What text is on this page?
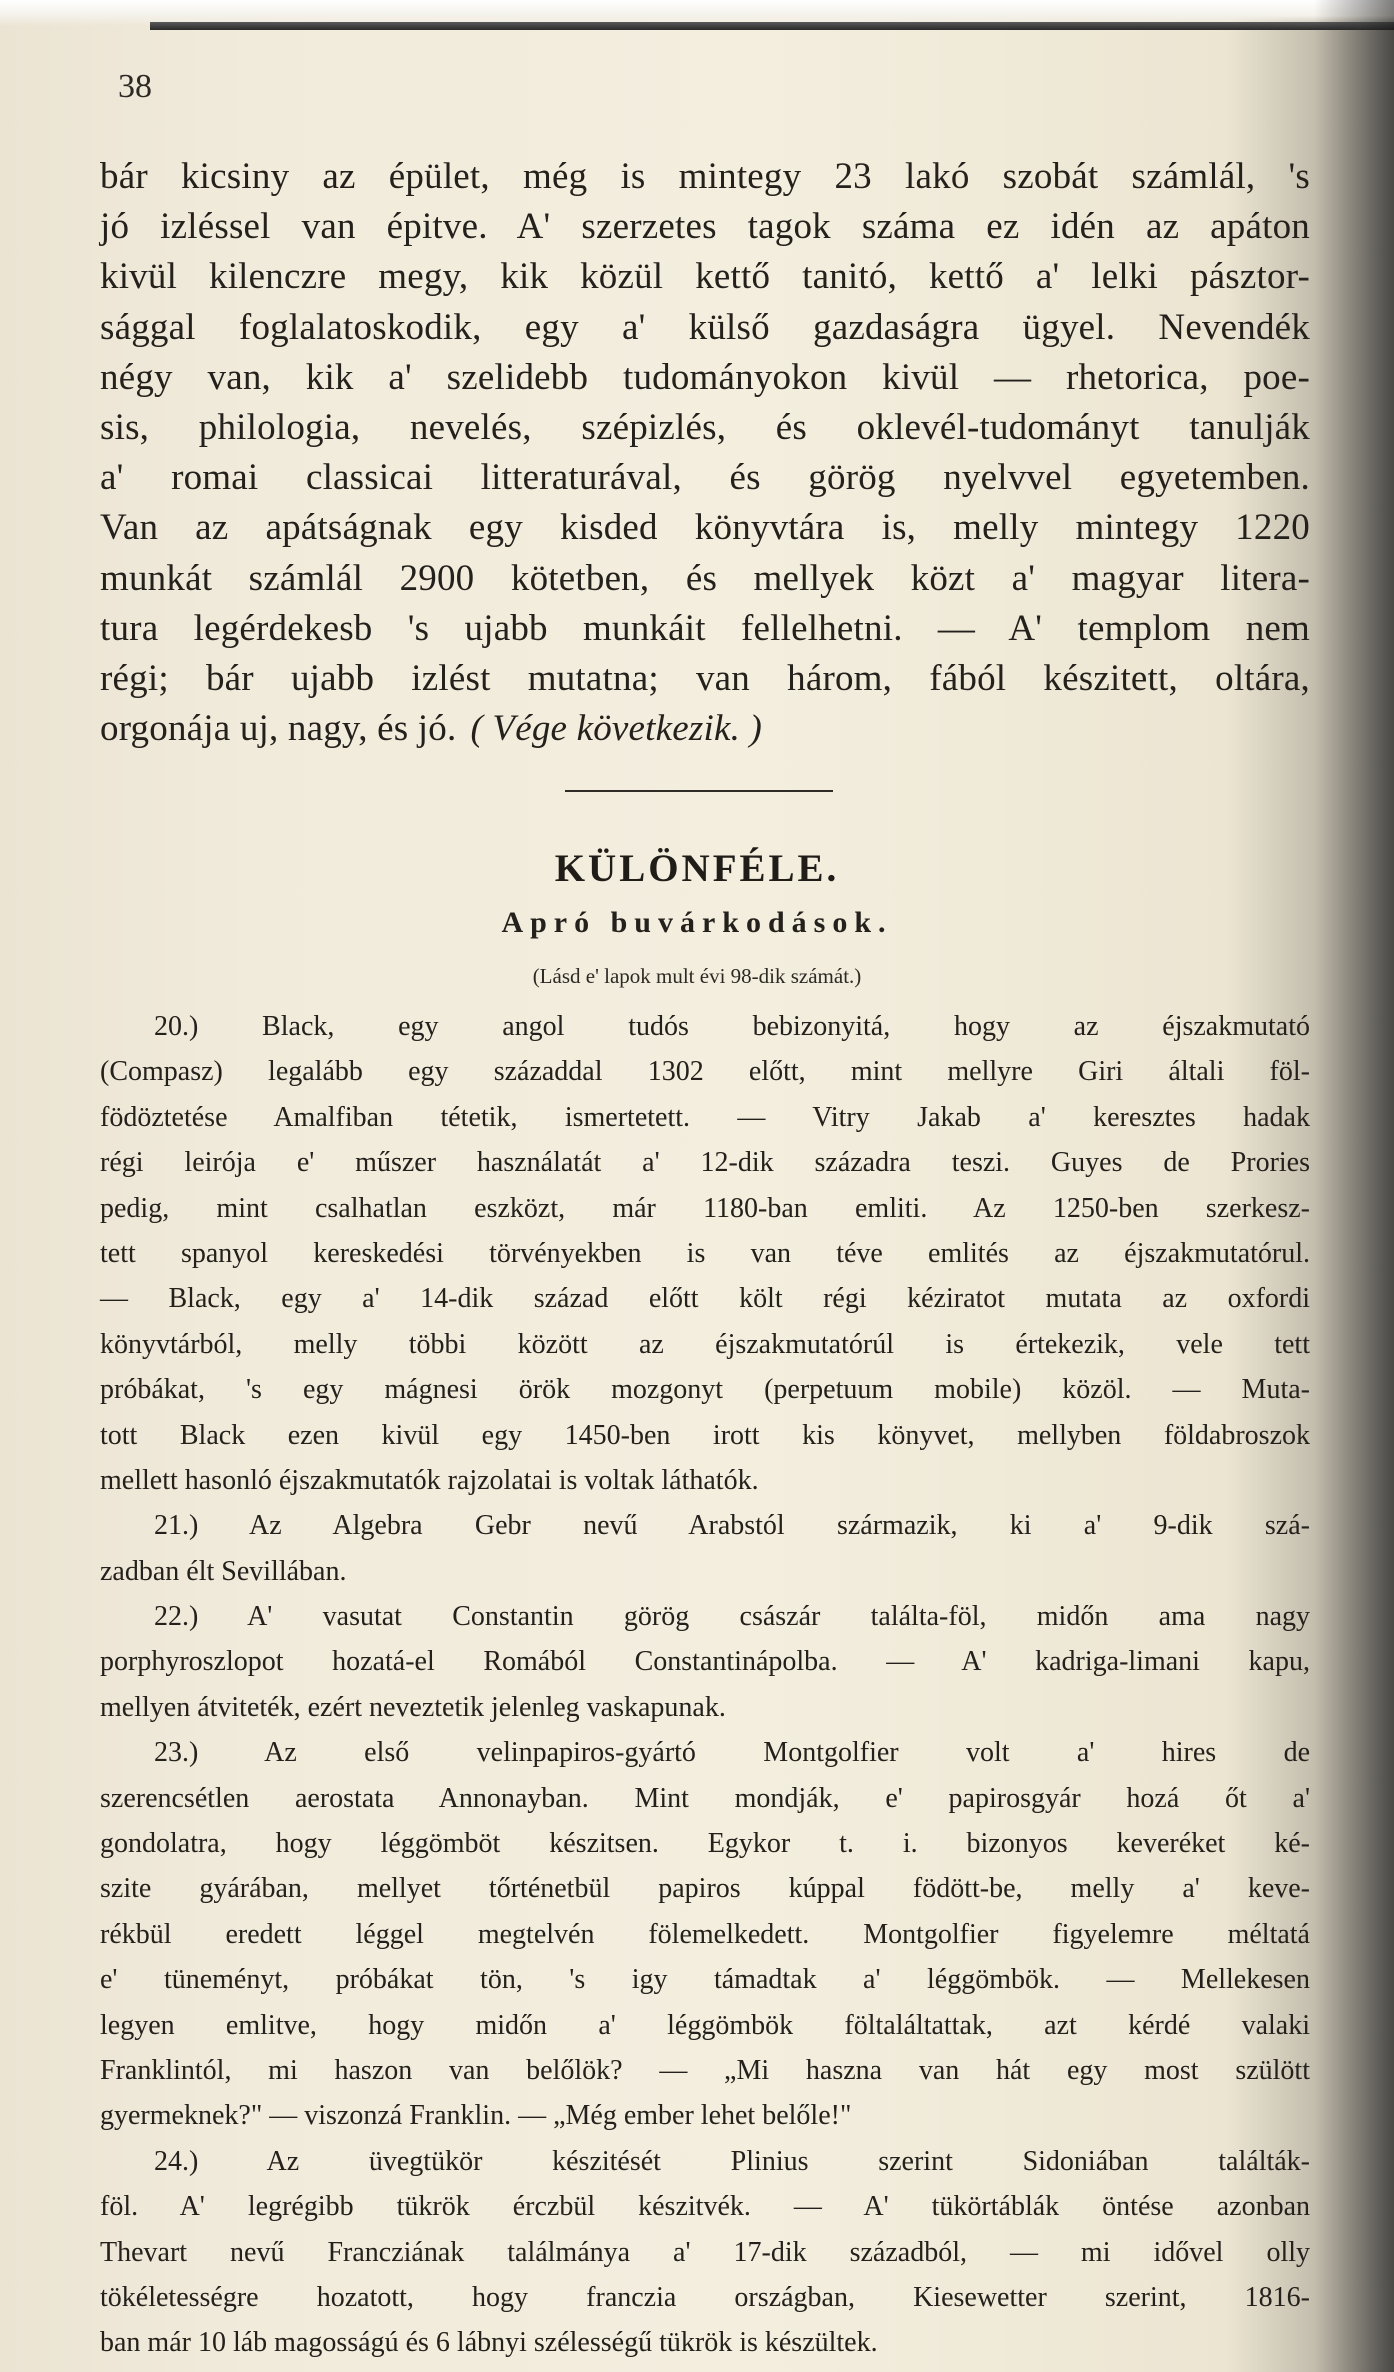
38
bár kicsiny az épület, még is mintegy 23 lakó szobát számlál, 's
jó izléssel van épitve. A' szerzetes tagok száma ez idén az apáton
kivül kilenczre megy, kik közül kettő tanitó, kettő a' lelki pásztor-
sággal foglalatoskodik, egy a' külső gazdaságra ügyel. Nevendék
négy van, kik a' szelidebb tudományokon kivül — rhetorica, poe-
sis, philologia, nevelés, szépizlés, és oklevél-tudományt tanulják
a' romai classicai litteraturával, és görög nyelvvel egyetemben.
Van az apátságnak egy kisded könyvtára is, melly mintegy 1220
munkát számlál 2900 kötetben, és mellyek közt a' magyar litera-
tura legérdekesb 's ujabb munkáit fellelhetni. — A' templom nem
régi; bár ujabb izlést mutatna; van három, fából készitett, oltára,
orgonája uj, nagy, és jó. ( Vége következik. )
KÜLÖNFÉLE.
Apró buvárkodások.
(Lásd e' lapok mult évi 98-dik számát.)
20.) Black, egy angol tudós bebizonyitá, hogy az éjszakmutató
(Compasz) legalább egy századdal 1302 előtt, mint mellyre Giri általi föl-
födöztetése Amalfiban tétetik, ismertetett. — Vitry Jakab a' keresztes hadak
régi leirója e' műszer használatát a' 12-dik századra teszi. Guyes de Prories
pedig, mint csalhatlan eszközt, már 1180-ban emliti. Az 1250-ben szerkesz-
tett spanyol kereskedési törvényekben is van téve emlités az éjszakmutatórul.
— Black, egy a' 14-dik század előtt költ régi kéziratot mutata az oxfordi
könyvtárból, melly többi között az éjszakmutatórúl is értekezik, vele tett
próbákat, 's egy mágnesi örök mozgonyt (perpetuum mobile) közöl. — Muta-
tott Black ezen kivül egy 1450-ben irott kis könyvet, mellyben földabroszok
mellett hasonló éjszakmutatók rajzolatai is voltak láthatók.
21.) Az Algebra Gebr nevű Arabstól származik, ki a' 9-dik szá-
zadban élt Sevillában.
22.) A' vasutat Constantin görög császár találta-föl, midőn ama nagy
porphyroszlopot hozatá-el Romából Constantinápolba. — A' kadriga-limani kapu,
mellyen átviteték, ezért neveztetik jelenleg vaskapunak.
23.) Az első velinpapiros-gyártó Montgolfier volt a' hires de
szerencsétlen aerostata Annonayban. Mint mondják, e' papirosgyár hozá őt a'
gondolatra, hogy léggömböt készitsen. Egykor t. i. bizonyos keveréket ké-
szite gyárában, mellyet tőrténetbül papiros kúppal födött-be, melly a' keve-
rékbül eredett léggel megtelvén fölemelkedett. Montgolfier figyelemre méltatá
e' tüneményt, próbákat tön, 's igy támadtak a' léggömbök. — Mellekesen
legyen emlitve, hogy midőn a' léggömbök föltaláltattak, azt kérdé valaki
Franklintól, mi haszon van belőlök? — „Mi haszna van hát egy most szülött
gyermeknek?" — viszonzá Franklin. — „Még ember lehet belőle!"
24.) Az üvegtükör készitését Plinius szerint Sidoniában találták-
föl. A' legrégibb tükrök érczbül készitvék. — A' tükörtáblák öntése azonban
Thevart nevű Francziának találmánya a' 17-dik századból, — mi idővel olly
tökéletességre hozatott, hogy franczia országban, Kiesewetter szerint, 1816-
ban már 10 láb magosságú és 6 lábnyi szélességű tükrök is készültek.
